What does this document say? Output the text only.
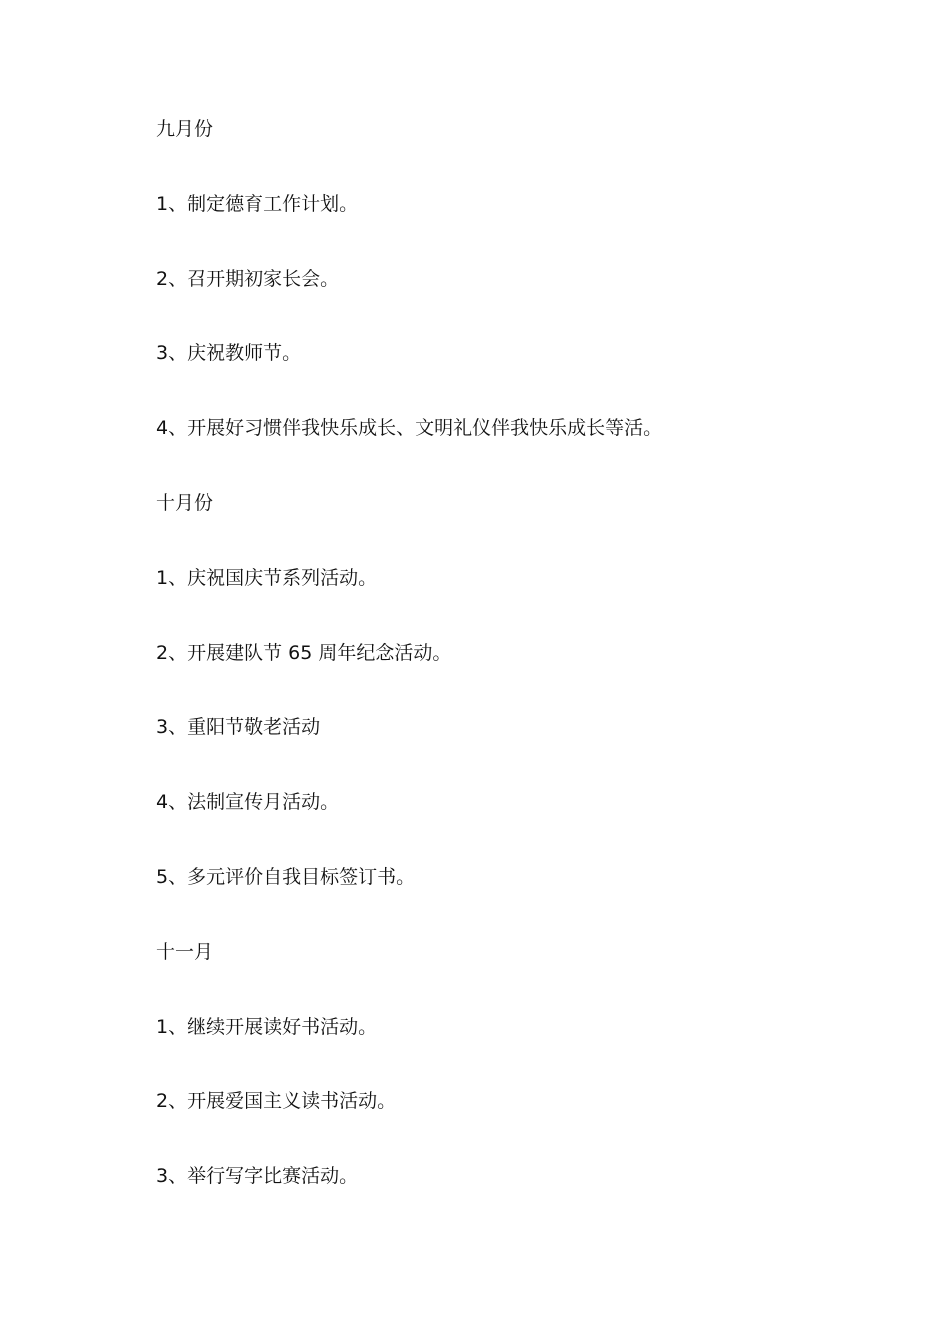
九月份
1、制定德育工作计划。
2、召开期初家长会。
3、庆祝教师节。
4、开展好习惯伴我快乐成长、文明礼仪伴我快乐成长等活。
十月份
1、庆祝国庆节系列活动。
2、开展建队节 65 周年纪念活动。
3、重阳节敬老活动
4、法制宣传月活动。
5、多元评价自我目标签订书。
十一月
1、继续开展读好书活动。
2、开展爱国主义读书活动。
3、举行写字比赛活动。
